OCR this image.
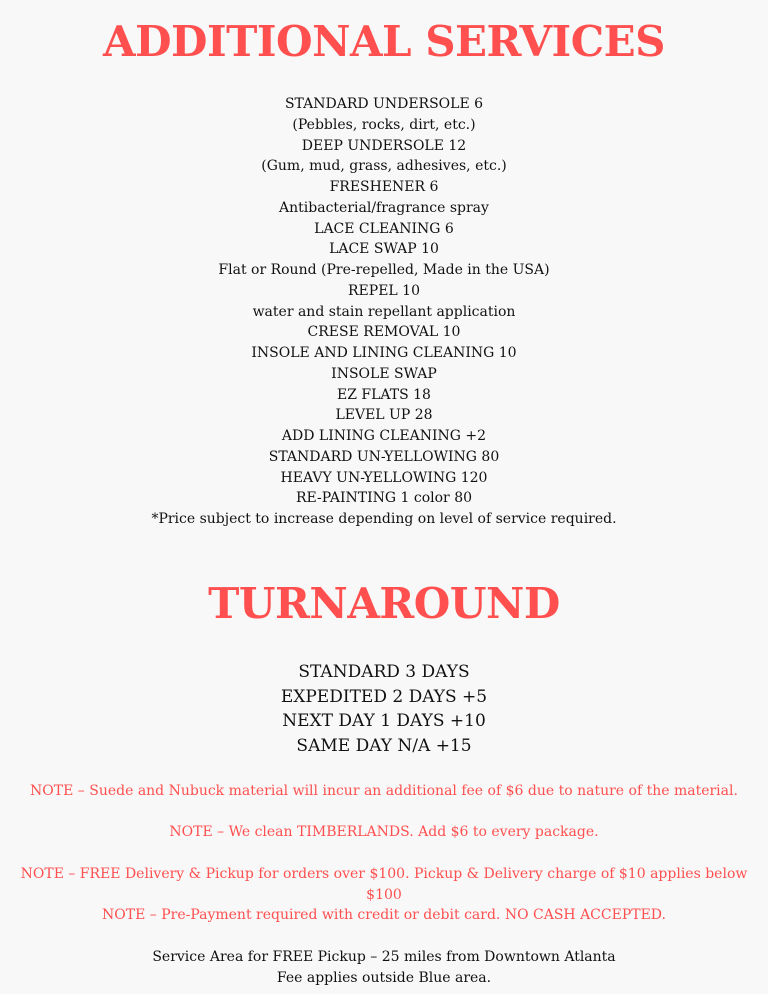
ADDITIONAL SERVICES
STANDARD UNDERSOLE 6
(Pebbles, rocks, dirt, etc.)
DEEP UNDERSOLE 12
(Gum, mud, grass, adhesives, etc.)
FRESHENER 6
Antibacterial/fragrance spray
LACE CLEANING 6
LACE SWAP 10
Flat or Round (Pre-repelled, Made in the USA)
REPEL 10
water and stain repellant application
CRESE REMOVAL 10
INSOLE AND LINING CLEANING 10
INSOLE SWAP
EZ FLATS 18
LEVEL UP 28
ADD LINING CLEANING +2
STANDARD UN-YELLOWING 80
HEAVY UN-YELLOWING 120
RE-PAINTING 1 color 80
*Price subject to increase depending on level of service required.
TURNAROUND
STANDARD 3 DAYS
EXPEDITED 2 DAYS +5
NEXT DAY 1 DAYS +10
SAME DAY N/A +15
NOTE – Suede and Nubuck material will incur an additional fee of $6 due to nature of the material.
NOTE – We clean TIMBERLANDS. Add $6 to every package.
NOTE – FREE Delivery & Pickup for orders over $100. Pickup & Delivery charge of $10 applies below $100
NOTE – Pre-Payment required with credit or debit card. NO CASH ACCEPTED.
Service Area for FREE Pickup – 25 miles from Downtown Atlanta
Fee applies outside Blue area.
